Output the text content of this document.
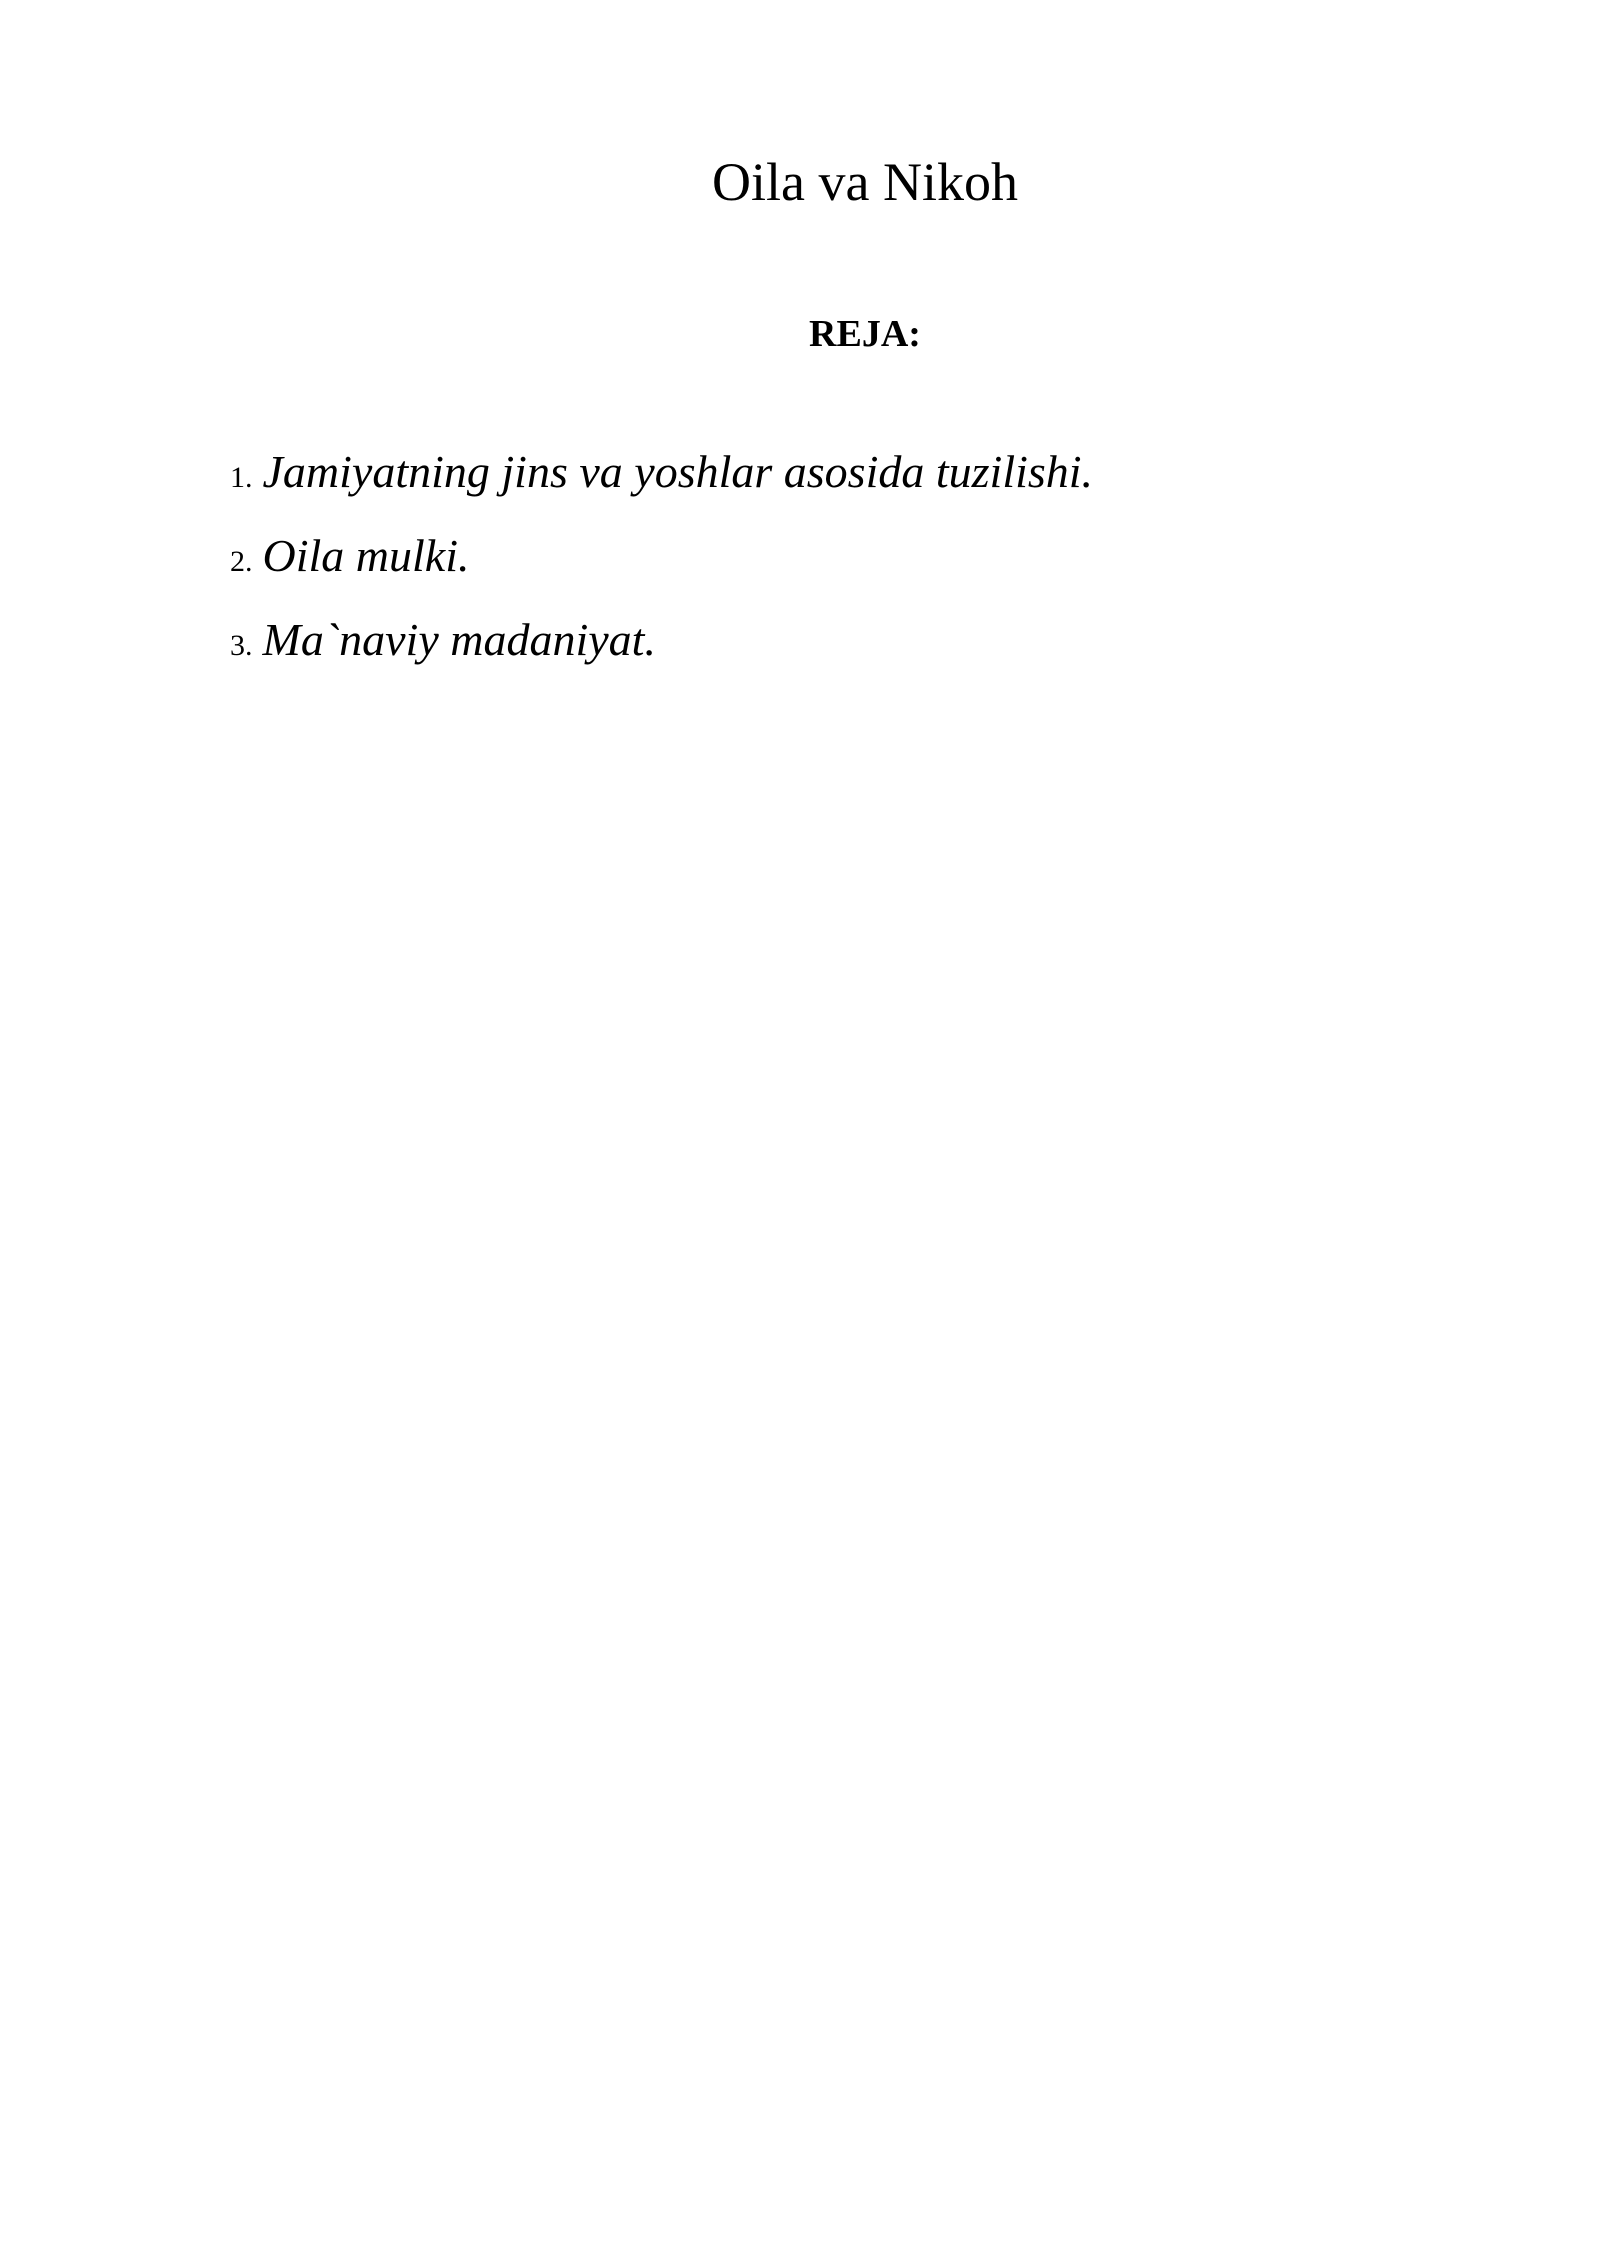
Oila va Nikoh
REJA:
1. Jamiyatning jins va yoshlar asosida tuzilishi.
2. Oila mulki.
3. Ma`naviy madaniyat.
